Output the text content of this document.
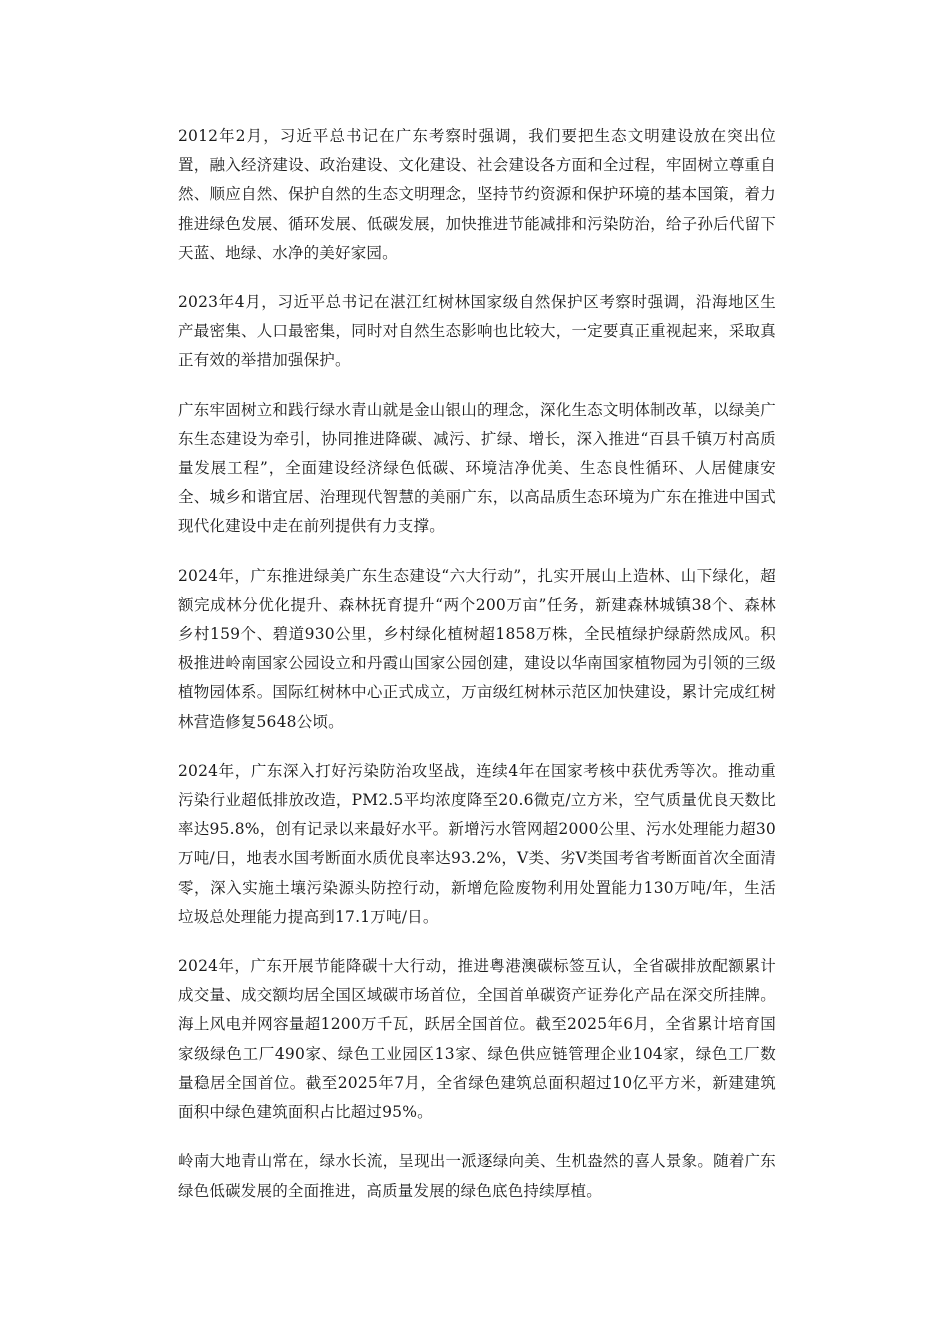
2012年2月，习近平总书记在广东考察时强调，我们要把生态文明建设放在突出位置，融入经济建设、政治建设、文化建设、社会建设各方面和全过程，牢固树立尊重自然、顺应自然、保护自然的生态文明理念，坚持节约资源和保护环境的基本国策，着力推进绿色发展、循环发展、低碳发展，加快推进节能减排和污染防治，给子孙后代留下天蓝、地绿、水净的美好家园。

2023年4月，习近平总书记在湛江红树林国家级自然保护区考察时强调，沿海地区生产最密集、人口最密集，同时对自然生态影响也比较大，一定要真正重视起来，采取真正有效的举措加强保护。

广东牢固树立和践行绿水青山就是金山银山的理念，深化生态文明体制改革，以绿美广东生态建设为牵引，协同推进降碳、减污、扩绿、增长，深入推进“百县千镇万村高质量发展工程”，全面建设经济绿色低碳、环境洁净优美、生态良性循环、人居健康安全、城乡和谐宜居、治理现代智慧的美丽广东，以高品质生态环境为广东在推进中国式现代化建设中走在前列提供有力支撑。

2024年，广东推进绿美广东生态建设“六大行动”，扎实开展山上造林、山下绿化，超额完成林分优化提升、森林抚育提升“两个200万亩”任务，新建森林城镇38个、森林乡村159个、碧道930公里，乡村绿化植树超1858万株，全民植绿护绿蔚然成风。积极推进岭南国家公园设立和丹霞山国家公园创建，建设以华南国家植物园为引领的三级植物园体系。国际红树林中心正式成立，万亩级红树林示范区加快建设，累计完成红树林营造修复5648公顷。

2024年，广东深入打好污染防治攻坚战，连续4年在国家考核中获优秀等次。推动重污染行业超低排放改造，PM2.5平均浓度降至20.6微克/立方米，空气质量优良天数比率达95.8%，创有记录以来最好水平。新增污水管网超2000公里、污水处理能力超30万吨/日，地表水国考断面水质优良率达93.2%，Ⅴ类、劣Ⅴ类国考省考断面首次全面清零，深入实施土壤污染源头防控行动，新增危险废物利用处置能力130万吨/年，生活垃圾总处理能力提高到17.1万吨/日。

2024年，广东开展节能降碳十大行动，推进粤港澳碳标签互认，全省碳排放配额累计成交量、成交额均居全国区域碳市场首位，全国首单碳资产证券化产品在深交所挂牌。海上风电并网容量超1200万千瓦，跃居全国首位。截至2025年6月，全省累计培育国家级绿色工厂490家、绿色工业园区13家、绿色供应链管理企业104家，绿色工厂数量稳居全国首位。截至2025年7月，全省绿色建筑总面积超过10亿平方米，新建建筑面积中绿色建筑面积占比超过95%。

岭南大地青山常在，绿水长流，呈现出一派逐绿向美、生机盎然的喜人景象。随着广东绿色低碳发展的全面推进，高质量发展的绿色底色持续厚植。
